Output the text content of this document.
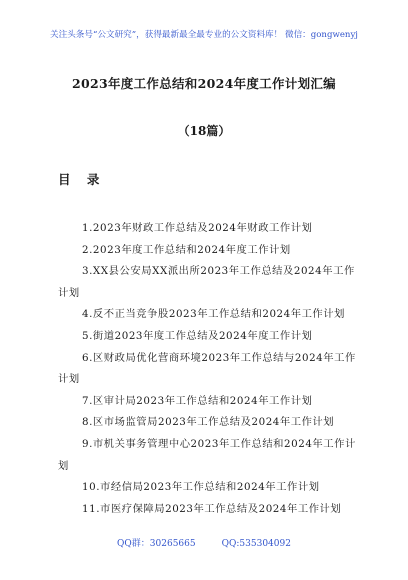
关注头条号“公文研究”，获得最新最全最专业的公文资料库！ 微信：gongwenyj
2023年度工作总结和2024年度工作计划汇编
（18篇）
目 录
1.2023年财政工作总结及2024年财政工作计划
2.2023年度工作总结和2024年度工作计划
3.XX县公安局XX派出所2023年工作总结及2024年工作计划
4.反不正当竞争股2023年工作总结和2024年工作计划
5.街道2023年度工作总结及2024年度工作计划
6.区财政局优化营商环境2023年工作总结与2024年工作计划
7.区审计局2023年工作总结和2024年工作计划
8.区市场监管局2023年工作总结及2024年工作计划
9.市机关事务管理中心2023年工作总结和2024年工作计划
10.市经信局2023年工作总结和2024年工作计划
11.市医疗保障局2023年工作总结及2024年工作计划
QQ群：30265665	QQ:535304092
